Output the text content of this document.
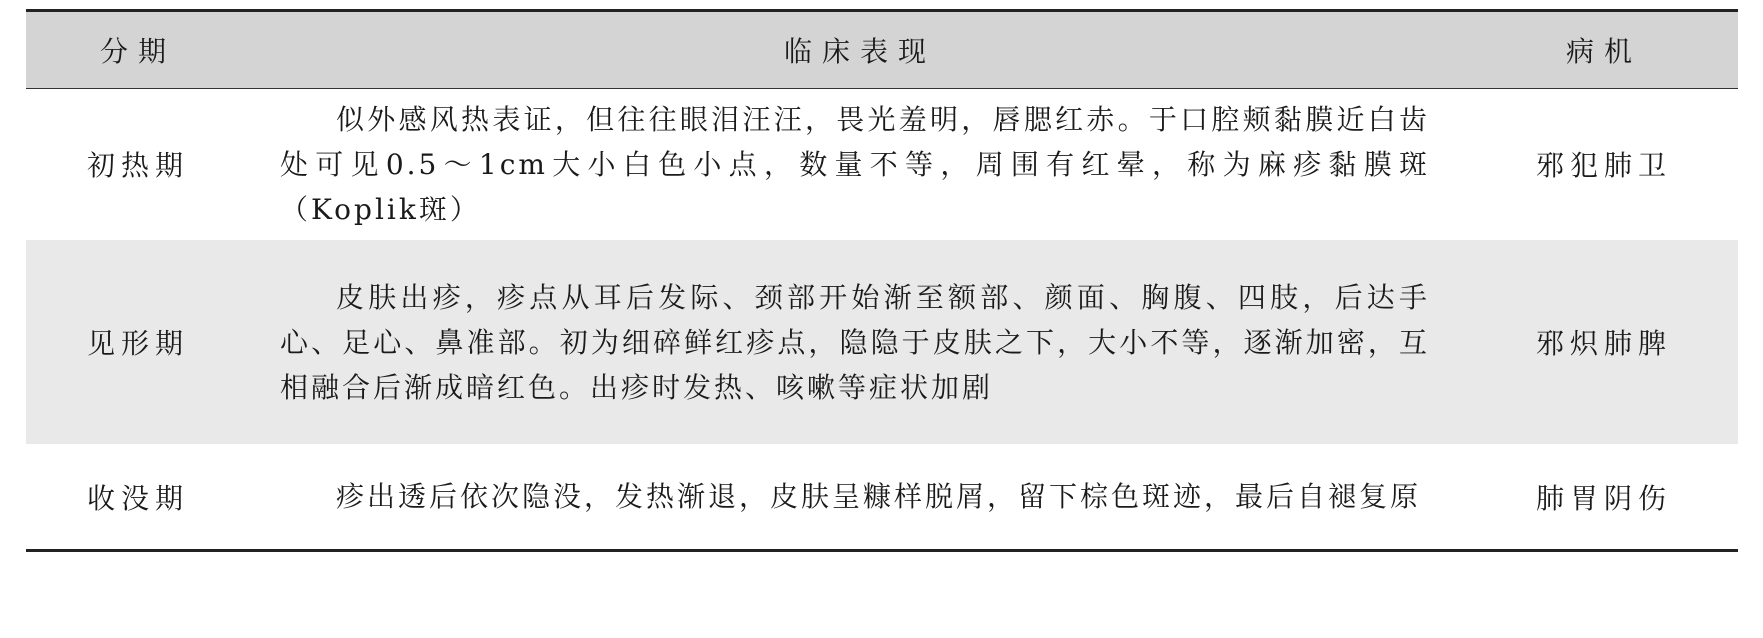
分期	临床表现	病机
初热期	似外感风热表证，但往往眼泪汪汪，畏光羞明，唇腮红赤。于口腔颊黏膜近白齿处可见0.5～1cm大小白色小点，数量不等，周围有红晕，称为麻疹黏膜斑（Koplik斑）	邪犯肺卫
见形期	皮肤出疹，疹点从耳后发际、颈部开始渐至额部、颜面、胸腹、四肢，后达手心、足心、鼻准部。初为细碎鲜红疹点，隐隐于皮肤之下，大小不等，逐渐加密，互相融合后渐成暗红色。出疹时发热、咳嗽等症状加剧	邪炽肺脾
收没期	疹出透后依次隐没，发热渐退，皮肤呈糠样脱屑，留下棕色斑迹，最后自褪复原	肺胃阴伤
